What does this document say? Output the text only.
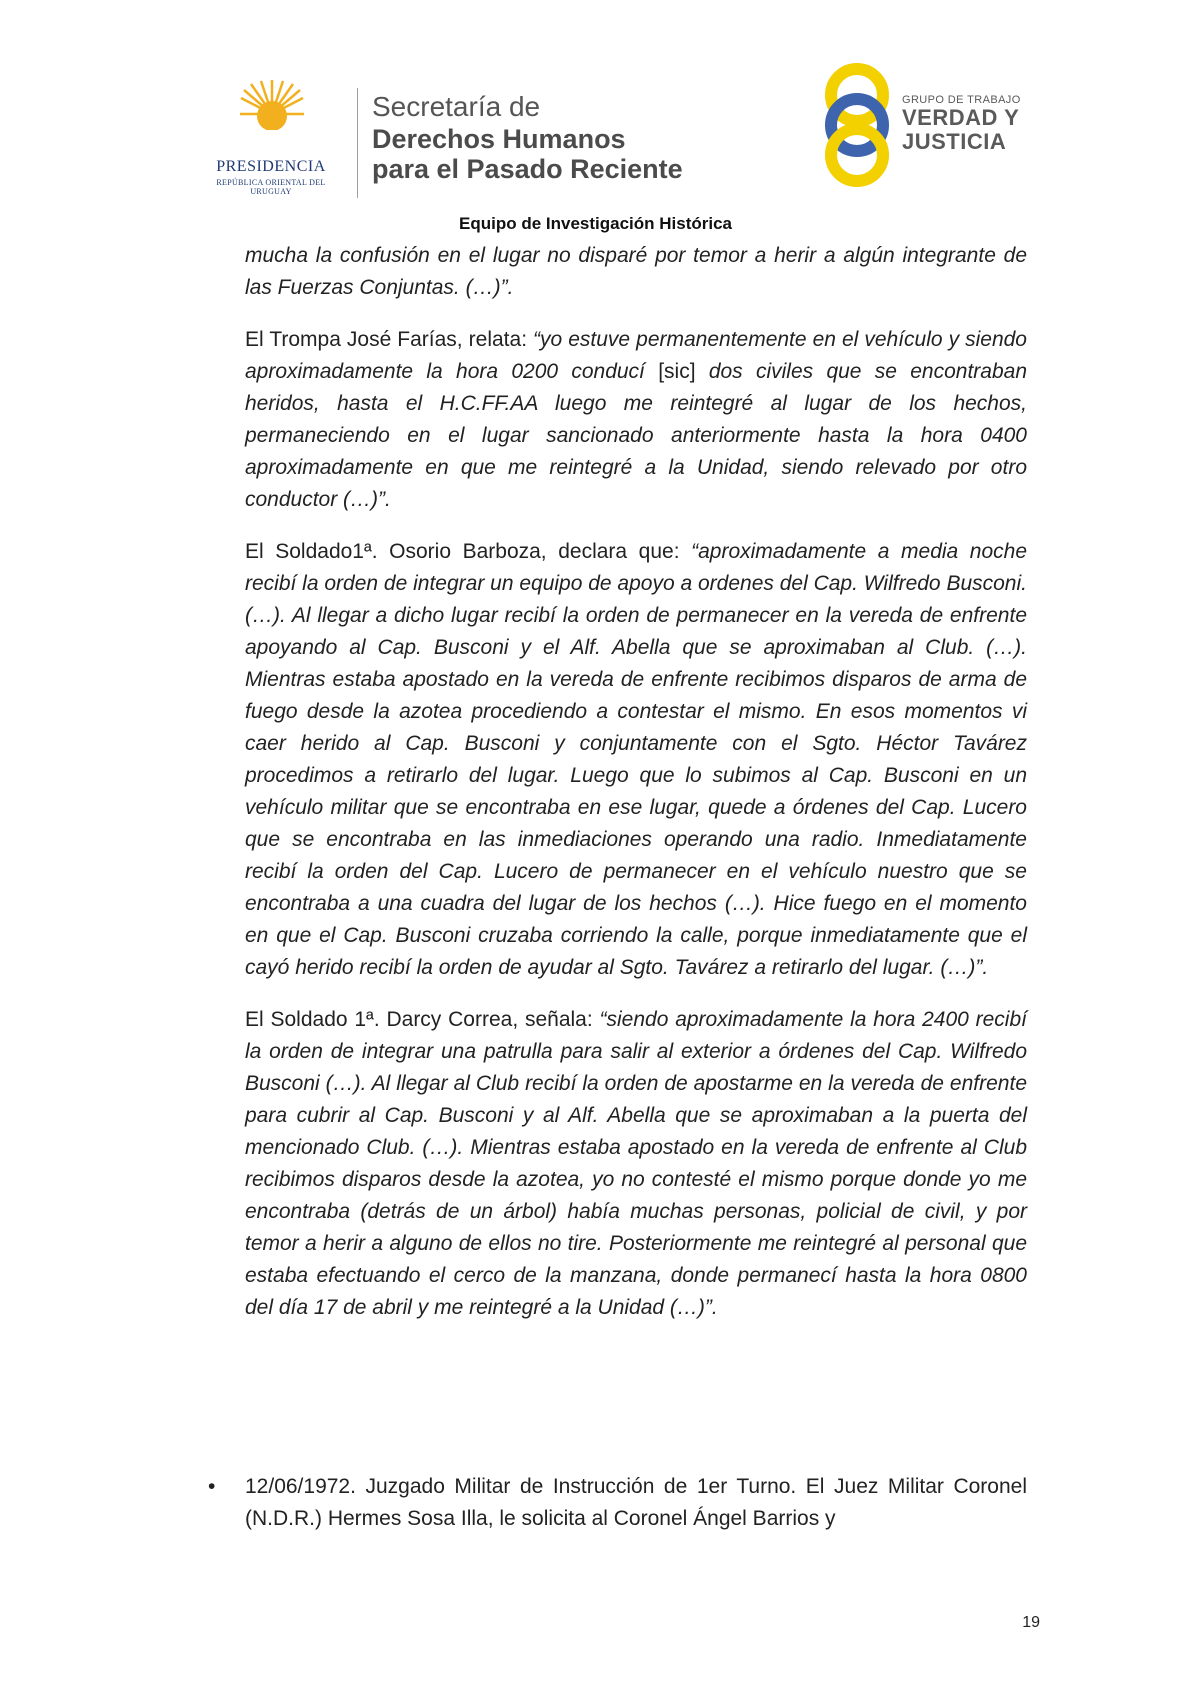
PRESIDENCIA
REPÚBLICA ORIENTAL DEL URUGUAY
Secretaría de
Derechos Humanos
para el Pasado Reciente
GRUPO DE TRABAJO
VERDAD Y
JUSTICIA
Equipo de Investigación Histórica

mucha la confusión en el lugar no disparé por temor a herir a algún integrante de las Fuerzas Conjuntas. (…)”.

El Trompa José Farías, relata: “yo estuve permanentemente en el vehículo y siendo aproximadamente la hora 0200 conducí [sic] dos civiles que se encontraban heridos, hasta el H.C.FF.AA luego me reintegré al lugar de los hechos, permaneciendo en el lugar sancionado anteriormente hasta la hora 0400 aproximadamente en que me reintegré a la Unidad, siendo relevado por otro conductor (…)”.

El Soldado1ª. Osorio Barboza, declara que: “aproximadamente a media noche recibí la orden de integrar un equipo de apoyo a ordenes del Cap. Wilfredo Busconi. (…). Al llegar a dicho lugar recibí la orden de permanecer en la vereda de enfrente apoyando al Cap. Busconi y el Alf. Abella que se aproximaban al Club. (…). Mientras estaba apostado en la vereda de enfrente recibimos disparos de arma de fuego desde la azotea procediendo a contestar el mismo. En esos momentos vi caer herido al Cap. Busconi y conjuntamente con el Sgto. Héctor Tavárez procedimos a retirarlo del lugar. Luego que lo subimos al Cap. Busconi en un vehículo militar que se encontraba en ese lugar, quede a órdenes del Cap. Lucero que se encontraba en las inmediaciones operando una radio. Inmediatamente recibí la orden del Cap. Lucero de permanecer en el vehículo nuestro que se encontraba a una cuadra del lugar de los hechos (…). Hice fuego en el momento en que el Cap. Busconi cruzaba corriendo la calle, porque inmediatamente que el cayó herido recibí la orden de ayudar al Sgto. Tavárez a retirarlo del lugar. (…)”.

El Soldado 1ª. Darcy Correa, señala: “siendo aproximadamente la hora 2400 recibí la orden de integrar una patrulla para salir al exterior a órdenes del Cap. Wilfredo Busconi (…). Al llegar al Club recibí la orden de apostarme en la vereda de enfrente para cubrir al Cap. Busconi y al Alf. Abella que se aproximaban a la puerta del mencionado Club. (…). Mientras estaba apostado en la vereda de enfrente al Club recibimos disparos desde la azotea, yo no contesté el mismo porque donde yo me encontraba (detrás de un árbol) había muchas personas, policial de civil, y por temor a herir a alguno de ellos no tire. Posteriormente me reintegré al personal que estaba efectuando el cerco de la manzana, donde permanecí hasta la hora 0800 del día 17 de abril y me reintegré a la Unidad (…)”.

•	12/06/1972. Juzgado Militar de Instrucción de 1er Turno. El Juez Militar Coronel (N.D.R.) Hermes Sosa Illa, le solicita al Coronel Ángel Barrios y
19
